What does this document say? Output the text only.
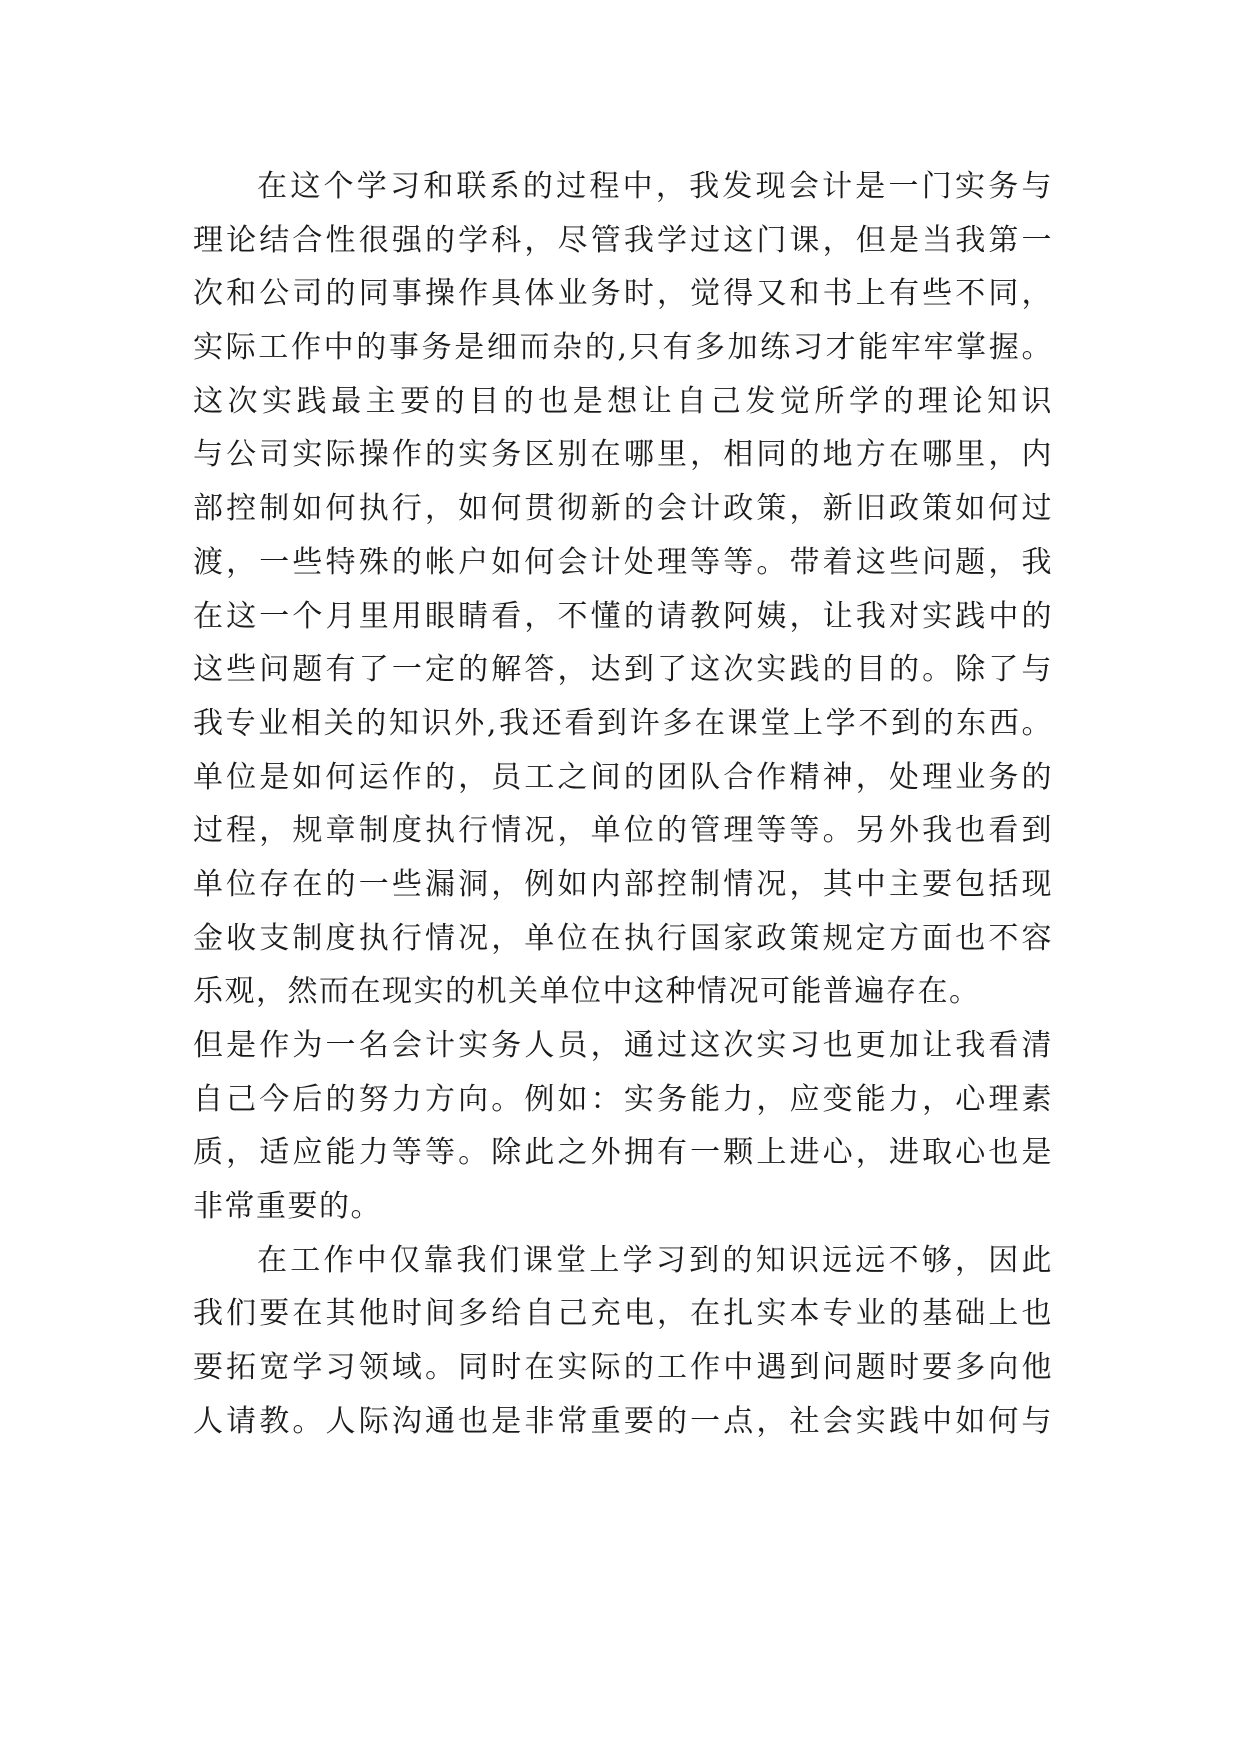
在这个学习和联系的过程中，我发现会计是一门实务与
理论结合性很强的学科，尽管我学过这门课，但是当我第一
次和公司的同事操作具体业务时，觉得又和书上有些不同，
实际工作中的事务是细而杂的,只有多加练习才能牢牢掌握。
这次实践最主要的目的也是想让自己发觉所学的理论知识
与公司实际操作的实务区别在哪里，相同的地方在哪里，内
部控制如何执行，如何贯彻新的会计政策，新旧政策如何过
渡，一些特殊的帐户如何会计处理等等。带着这些问题，我
在这一个月里用眼睛看，不懂的请教阿姨，让我对实践中的
这些问题有了一定的解答，达到了这次实践的目的。除了与
我专业相关的知识外,我还看到许多在课堂上学不到的东西。
单位是如何运作的，员工之间的团队合作精神，处理业务的
过程，规章制度执行情况，单位的管理等等。另外我也看到
单位存在的一些漏洞，例如内部控制情况，其中主要包括现
金收支制度执行情况，单位在执行国家政策规定方面也不容
乐观，然而在现实的机关单位中这种情况可能普遍存在。
但是作为一名会计实务人员，通过这次实习也更加让我看清
自己今后的努力方向。例如：实务能力，应变能力，心理素
质，适应能力等等。除此之外拥有一颗上进心，进取心也是
非常重要的。
在工作中仅靠我们课堂上学习到的知识远远不够，因此
我们要在其他时间多给自己充电，在扎实本专业的基础上也
要拓宽学习领域。同时在实际的工作中遇到问题时要多向他
人请教。人际沟通也是非常重要的一点，社会实践中如何与
